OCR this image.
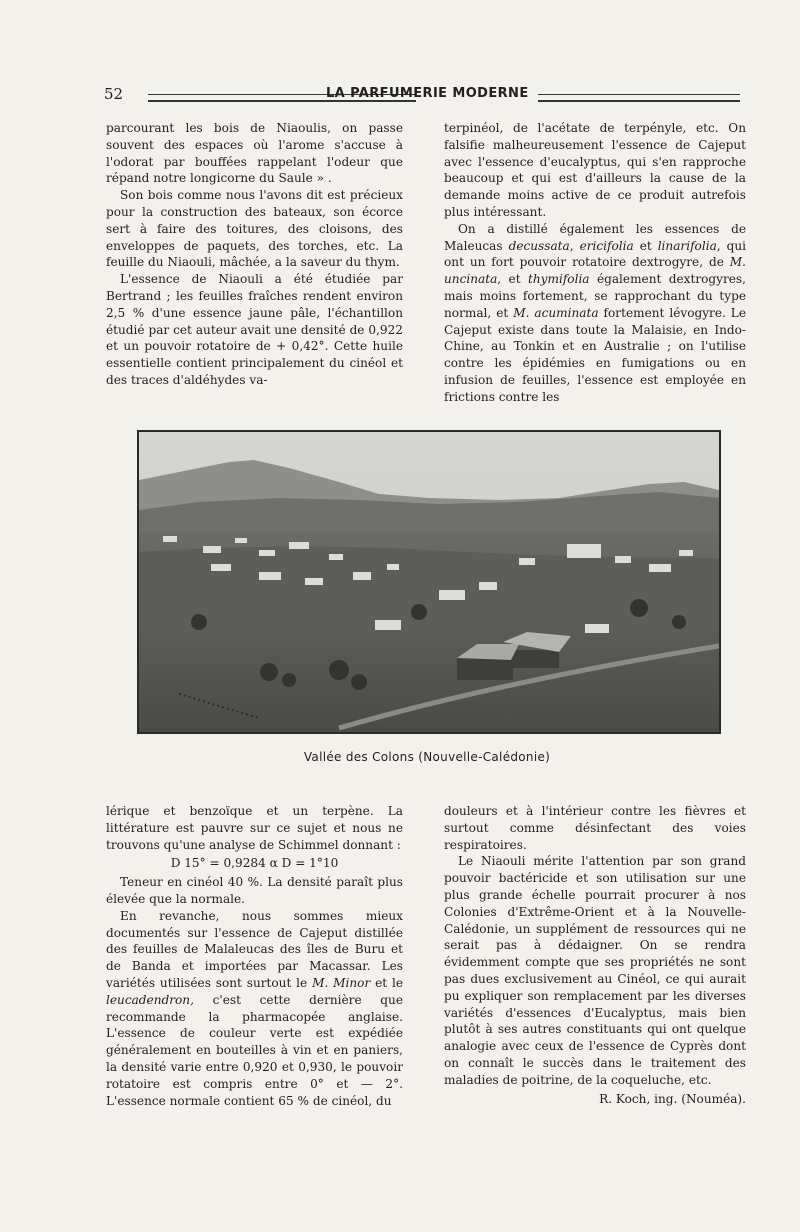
52	LA PARFUMERIE MODERNE

parcourant les bois de Niaoulis, on passe souvent des espaces où l'arome s'accuse à l'odorat par bouffées rappelant l'odeur que répand notre longicorne du Saule » .

Son bois comme nous l'avons dit est précieux pour la construction des bateaux, son écorce sert à faire des toitures, des cloisons, des enveloppes de paquets, des torches, etc. La feuille du Niaouli, mâchée, a la saveur du thym.

L'essence de Niaouli a été étudiée par Bertrand ; les feuilles fraîches rendent environ 2,5 % d'une essence jaune pâle, l'échantillon étudié par cet auteur avait une densité de 0,922 et un pouvoir rotatoire de + 0,42°. Cette huile essentielle contient principalement du cinéol et des traces d'aldéhydes va-

terpinéol, de l'acétate de terpényle, etc. On falsifie malheureusement l'essence de Cajeput avec l'essence d'eucalyptus, qui s'en rapproche beaucoup et qui est d'ailleurs la cause de la demande moins active de ce produit autrefois plus intéressant.

On a distillé également les essences de Maleucas decussata, ericifolia et linarifolia, qui ont un fort pouvoir rotatoire dextrogyre, de M. uncinata, et thymifolia également dextrogyres, mais moins fortement, se rapprochant du type normal, et M. acuminata fortement lévogyre. Le Cajeput existe dans toute la Malaisie, en Indo-Chine, au Tonkin et en Australie ; on l'utilise contre les épidémies en fumigations ou en infusion de feuilles, l'essence est employée en frictions contre les

Vallée des Colons (Nouvelle-Calédonie)

lérique et benzoïque et un terpène. La littérature est pauvre sur ce sujet et nous ne trouvons qu'une analyse de Schimmel donnant :

D 15° = 0,9284 α D = 1°10

Teneur en cinéol 40 %. La densité paraît plus élevée que la normale.

En revanche, nous sommes mieux documentés sur l'essence de Cajeput distillée des feuilles de Malaleucas des îles de Buru et de Banda et importées par Macassar. Les variétés utilisées sont surtout le M. Minor et le leucadendron, c'est cette dernière que recommande la pharmacopée anglaise. L'essence de couleur verte est expédiée généralement en bouteilles à vin et en paniers, la densité varie entre 0,920 et 0,930, le pouvoir rotatoire est compris entre 0° et — 2°. L'essence normale contient 65 % de cinéol, du

douleurs et à l'intérieur contre les fièvres et surtout comme désinfectant des voies respiratoires.

Le Niaouli mérite l'attention par son grand pouvoir bactéricide et son utilisation sur une plus grande échelle pourrait procurer à nos Colonies d'Extrême-Orient et à la Nouvelle-Calédonie, un supplément de ressources qui ne serait pas à dédaigner. On se rendra évidemment compte que ses propriétés ne sont pas dues exclusivement au Cinéol, ce qui aurait pu expliquer son remplacement par les diverses variétés d'essences d'Eucalyptus, mais bien plutôt à ses autres constituants qui ont quelque analogie avec ceux de l'essence de Cyprès dont on connaît le succès dans le traitement des maladies de poitrine, de la coqueluche, etc.

R. Koch, ing. (Nouméa).
